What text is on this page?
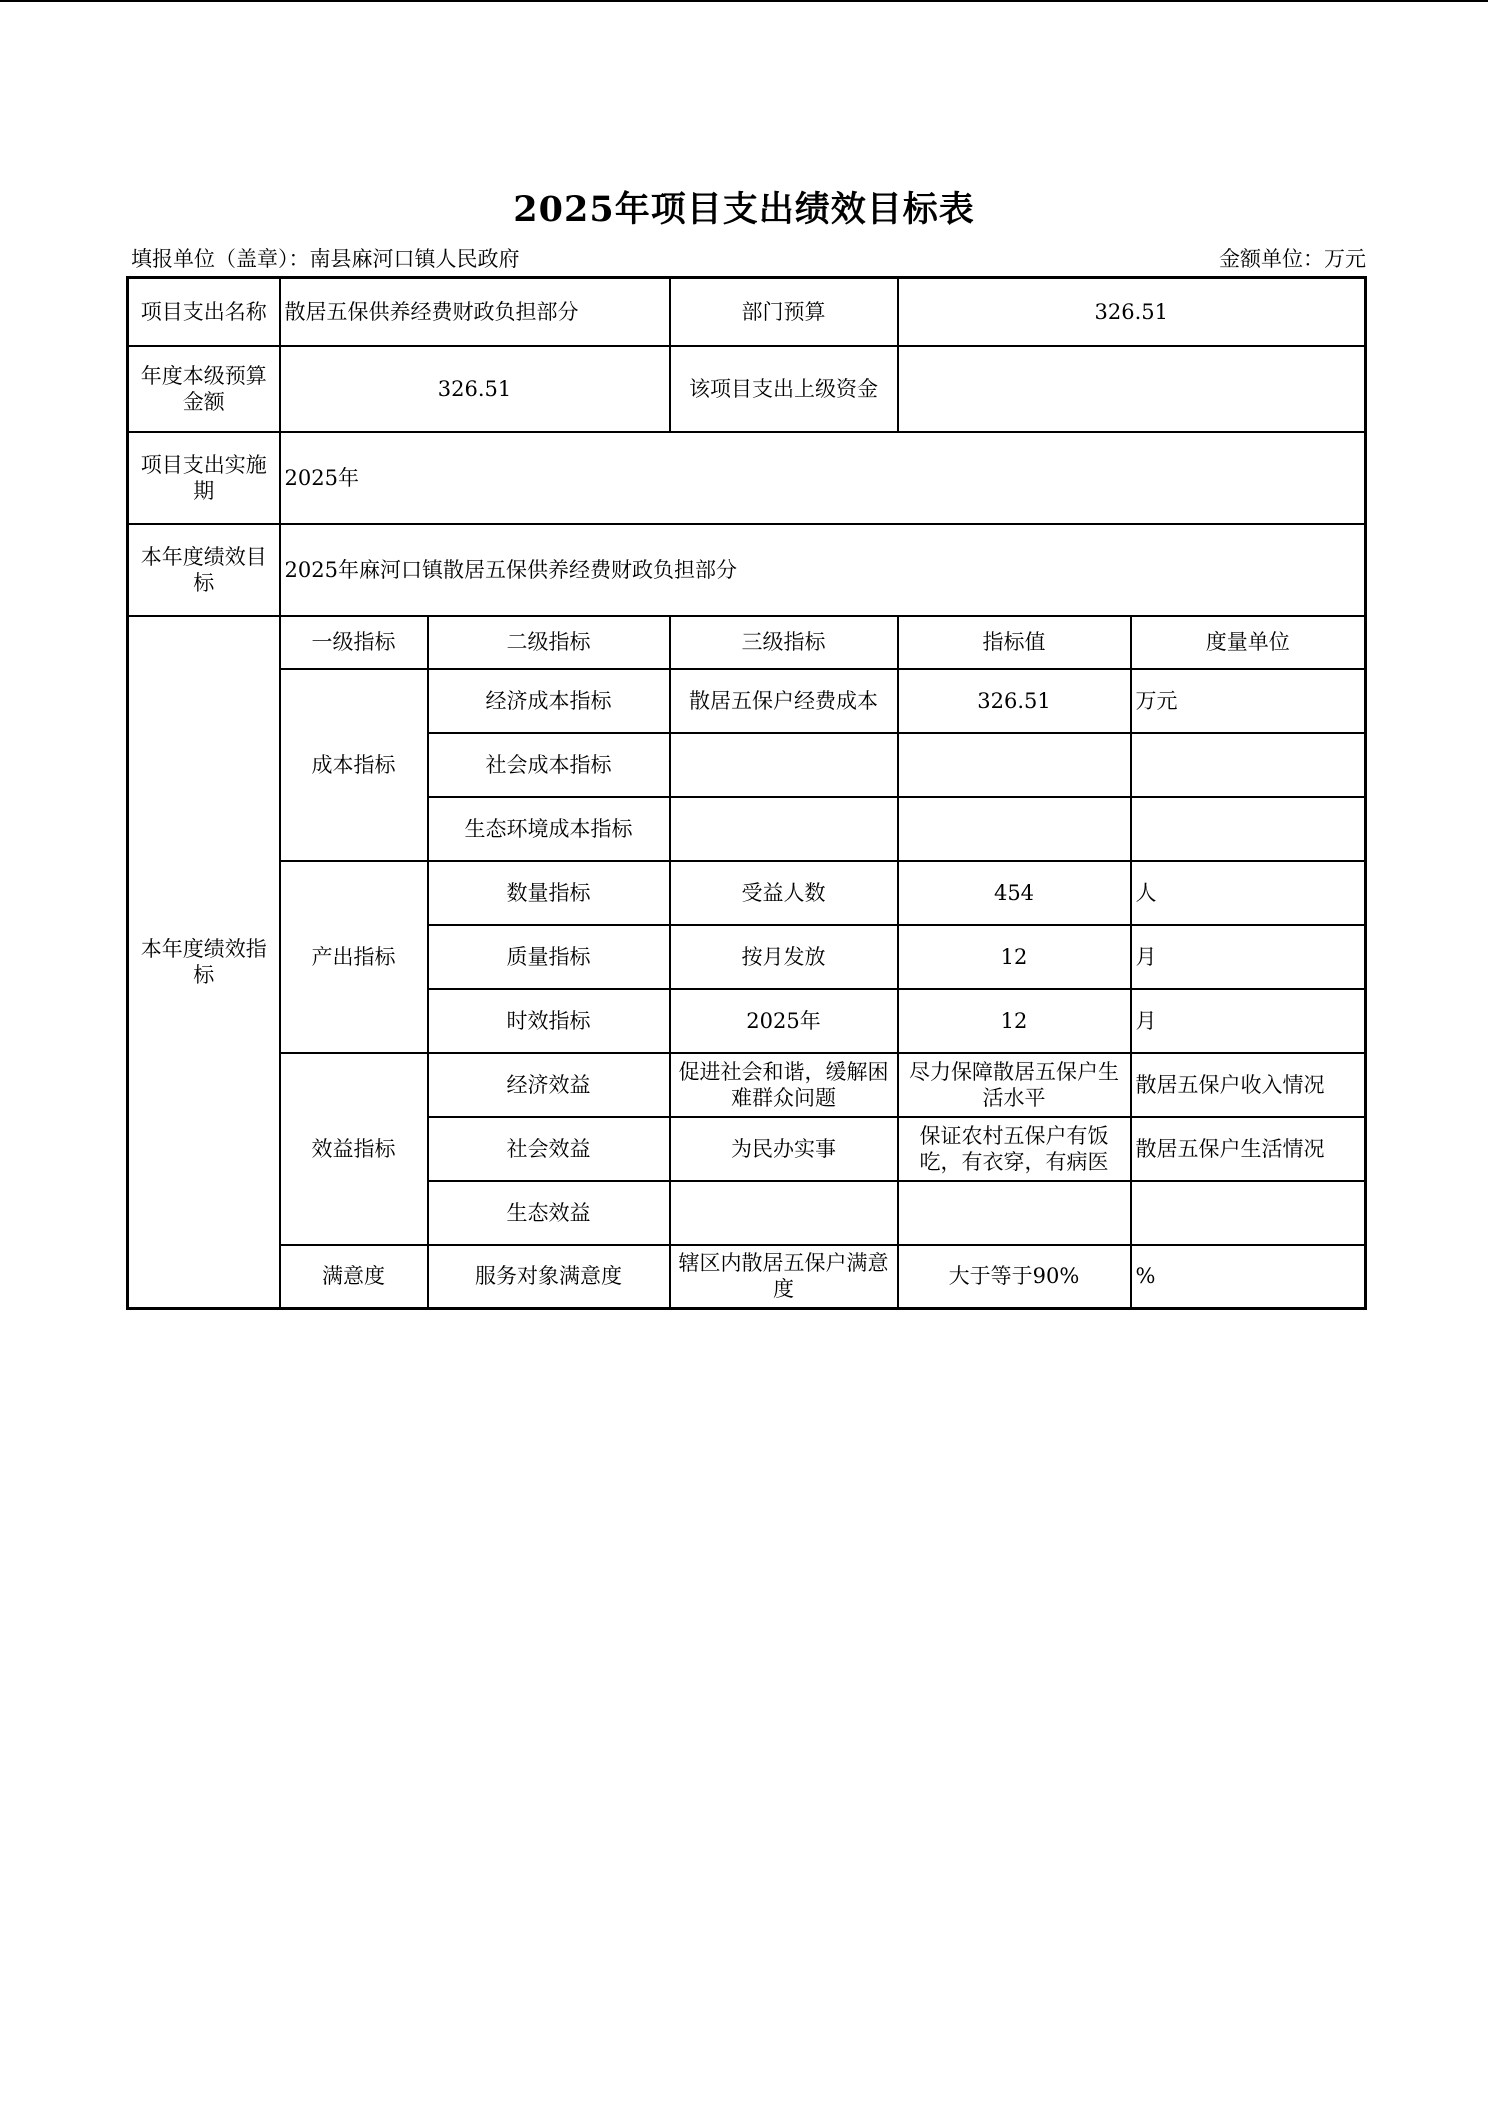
2025年项目支出绩效目标表
填报单位（盖章）：南县麻河口镇人民政府	金额单位：万元
项目支出名称	散居五保供养经费财政负担部分		部门预算	326.51	
年度本级预算金额	326.51		该项目支出上级资金		
项目支出实施期	2025年				
本年度绩效目标	2025年麻河口镇散居五保供养经费财政负担部分				
本年度绩效指标	一级指标	二级指标	三级指标	指标值	度量单位
	成本指标	经济成本指标	散居五保户经费成本	326.51	万元
		社会成本指标			
		生态环境成本指标			
	产出指标	数量指标	受益人数	454	人
		质量指标	按月发放	12	月
		时效指标	2025年	12	月
	效益指标	经济效益	促进社会和谐，缓解困难群众问题	尽力保障散居五保户生活水平	散居五保户收入情况
		社会效益	为民办实事	保证农村五保户有饭吃，有衣穿，有病医	散居五保户生活情况
		生态效益			
	满意度	服务对象满意度	辖区内散居五保户满意度	大于等于90%	%
